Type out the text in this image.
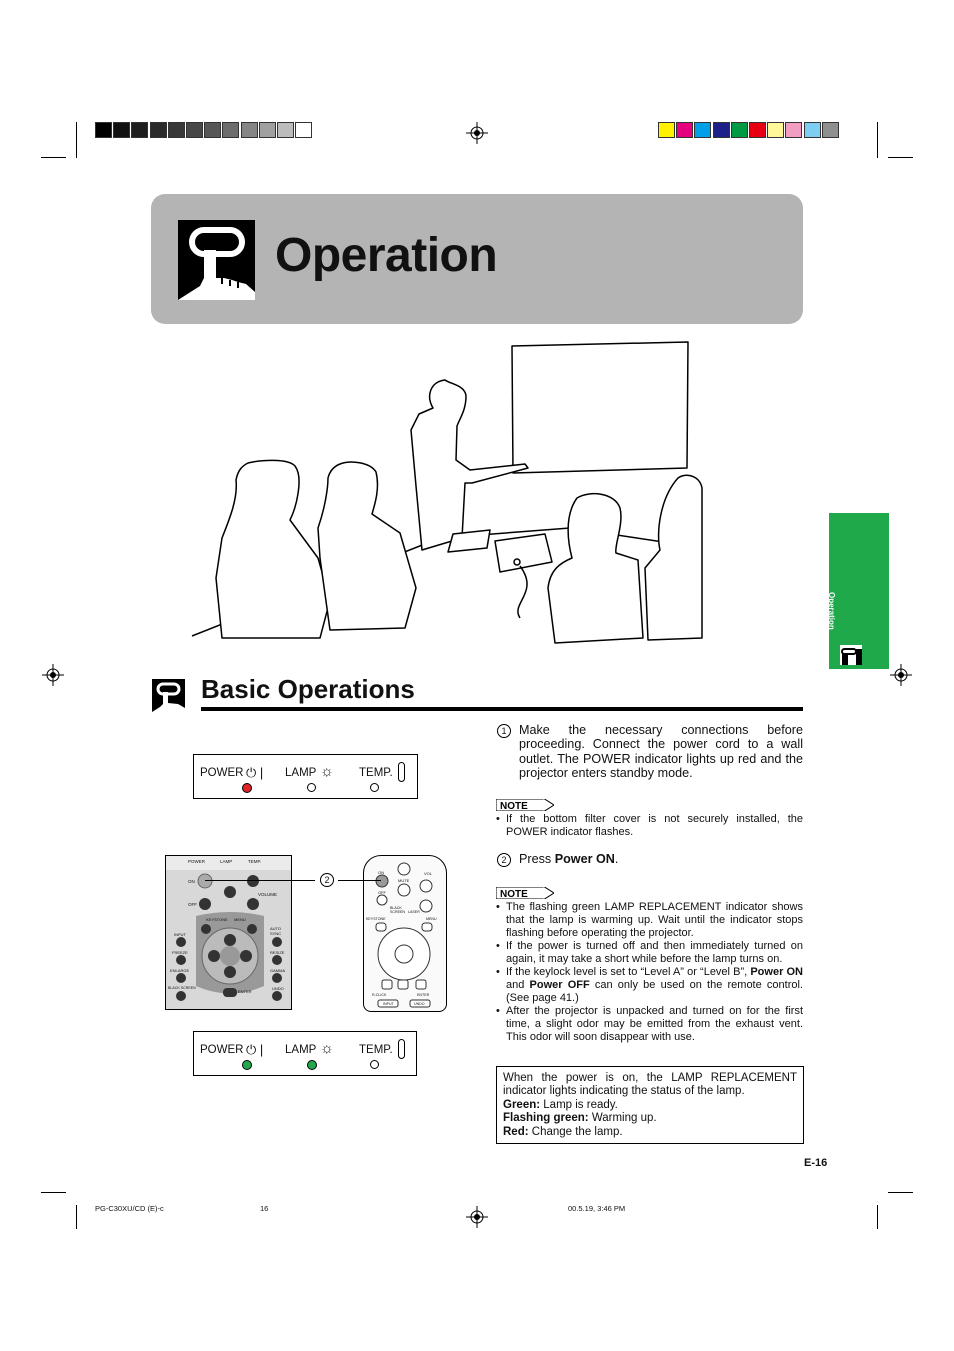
Operation
Operation
Basic Operations
POWER ⏻ | LAMP ☼ TEMP.
POWER	LAMP	TEMP.
ON
OFF
VOLUME
KEYSTONE MENU
AUTO SYNC
INPUT
RESIZE
FREEZE
ENLARGE	GAMMA
BLACK SCREEN
ENTER
UNDO
ON
OFF
VOL
MUTE
BLACK SCREEN LASER
KEYSTONE	MENU
R-CLICK	ENTER
INPUT	UNDO
2
POWER ⏻ | LAMP ☼ TEMP.
1 Make the necessary connections before proceeding. Connect the power cord to a wall outlet. The POWER indicator lights up red and the projector enters standby mode.
NOTE
• If the bottom filter cover is not securely installed, the POWER indicator flashes.
2 Press Power ON.
NOTE
• The flashing green LAMP REPLACEMENT indicator shows that the lamp is warming up. Wait until the indicator stops flashing before operating the projector.
• If the power is turned off and then immediately turned on again, it may take a short while before the lamp turns on.
• If the keylock level is set to “Level A” or “Level B”, Power ON and Power OFF can only be used on the remote control. (See page 41.)
• After the projector is unpacked and turned on for the first time, a slight odor may be emitted from the exhaust vent. This odor will soon disappear with use.

When the power is on, the LAMP REPLACEMENT indicator lights indicating the status of the lamp.

Green: Lamp is ready.

Flashing green: Warming up.

Red: Change the lamp.

E-16
PG-C30XU/CD (E)-c	16	00.5.19, 3:46 PM
